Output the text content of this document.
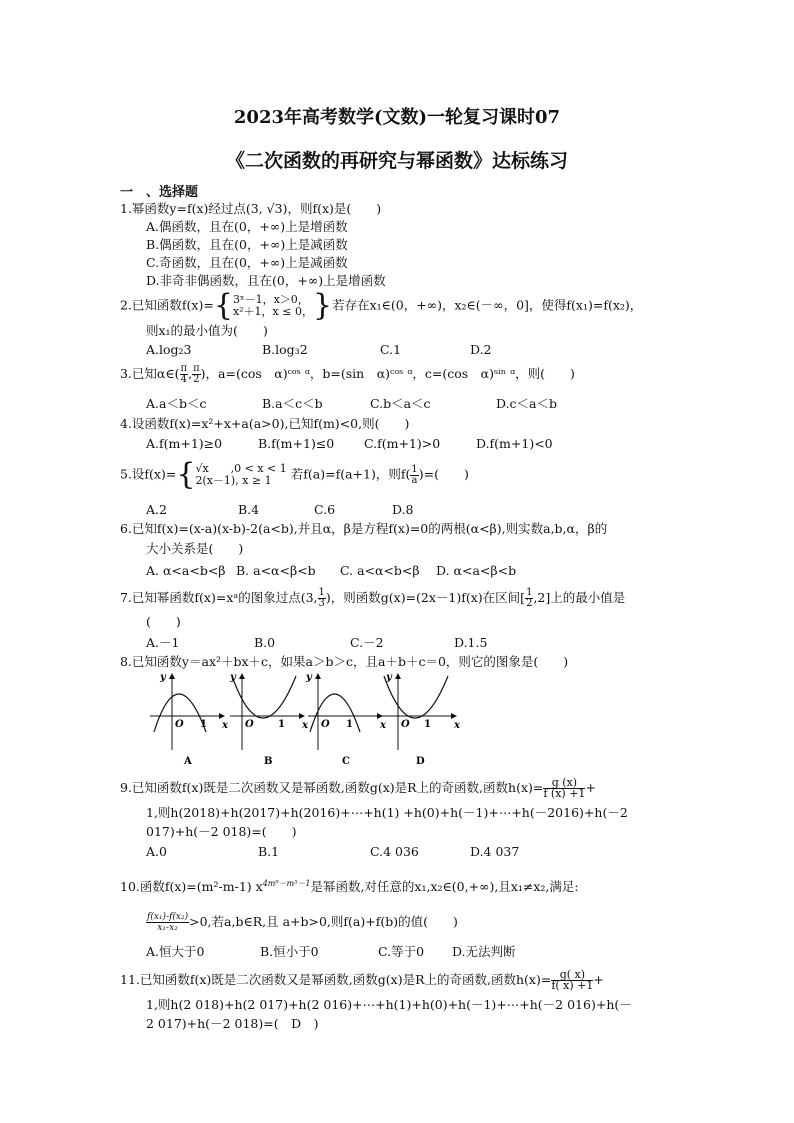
2023年高考数学(文数)一轮复习课时07
《二次函数的再研究与幂函数》达标练习
一　、选择题
1.幂函数y=f(x)经过点(3, √3)，则f(x)是(　　)
A.偶函数，且在(0，+∞)上是增函数
B.偶函数，且在(0，+∞)上是减函数
C.奇函数，且在(0，+∞)上是减函数
D.非奇非偶函数，且在(0，+∞)上是增函数
2.已知函数f(x)={ 3ˣ－1，x＞0，
x²＋1，x ≤ 0， }若存在x₁∈(0，+∞)，x₂∈(－∞，0]，使得f(x₁)=f(x₂)，
则x₁的最小值为(　　)
A.log₂3	B.log₃2	C.1	D.2
3.已知α∈( $\frac{\pi}{4}$ , $\frac{\pi}{2}$ )，a=(cos　α)ᶜᵒˢ ᵅ，b=(sin　α)ᶜᵒˢ ᵅ，c=(cos　α)ˢⁱⁿ ᵅ，则(　　)
A.a＜b＜c	B.a＜c＜b	C.b＜a＜c	D.c＜a＜b
4.设函数f(x)=x²+x+a(a>0),已知f(m)<0,则(　　)
A.f(m+1)≥0	B.f(m+1)≤0 C.f(m+1)>0	D.f(m+1)<0
5.设f(x)={ √x　　,0 < x < 1
2(x－1), x ≥ 1	若f(a)=f(a+1)，则$f( \frac{1}{a}$ )=(　　)
A.2	B.4	C.6	D.8
6.已知f(x)=(x-a)(x-b)-2(a<b),并且α，β是方程f(x)=0的两根(α<β),则实数a,b,α，β的
大小关系是(　　)
A. α<a<b<β B. a<α<β<b C. a<α<b<β D. α<a<β<b
7.已知幂函数f(x)=xᵃ的图象过点(3, $\frac{1}{3}$ )，则函数g(x)=(2x－1)f(x)在区间[ $\frac{1}{2} ,2$]上的最小值是
(　　)
A.－1	B.0	C.－2	D.1.5
8.已知函数y＝ax²＋bx＋c，如果a＞b＞c，且a＋b＋c＝0，则它的图象是(　　)
y
x
O 1
A
y
x
O 1
B
y
x
O 1
C
y
x
O 1
D
9.已知函数f(x)既是二次函数又是幂函数,函数g(x)是R上的奇函数,函数$h(x)= \frac{g (x)}{f (x) +1}$ +
1,则h(2018)+h(2017)+h(2016)+⋯+h(1) +h(0)+h(－1)+⋯+h(－2016)+h(－2
017)+h(－2 018)=(　　)
A.0	B.1	C.4 036	D.4 037
10.函数f(x)=(m²-m-1) $x^{4m^9-m^5-1}$是幂函数,对任意的x₁,x₂∈(0,+∞),且x₁≠x₂,满足:
$\frac{\text{f(x₁)-f(x₂)}}{\text{x₁-x₂}} >0$,若a,b∈R,且 a+b>0,则f(a)+f(b)的值(　　)
A.恒大于0	B.恒小于0	C.等于0 D.无法判断
11.已知函数f(x)既是二次函数又是幂函数,函数g(x)是R上的奇函数,函数$h(x)= \frac{g( x)}{f( x) +1}$ +
1,则h(2 018)+h(2 017)+h(2 016)+⋯+h(1)+h(0)+h(－1)+⋯+h(－2 016)+h(－
2 017)+h(－2 018)=(　D　)
